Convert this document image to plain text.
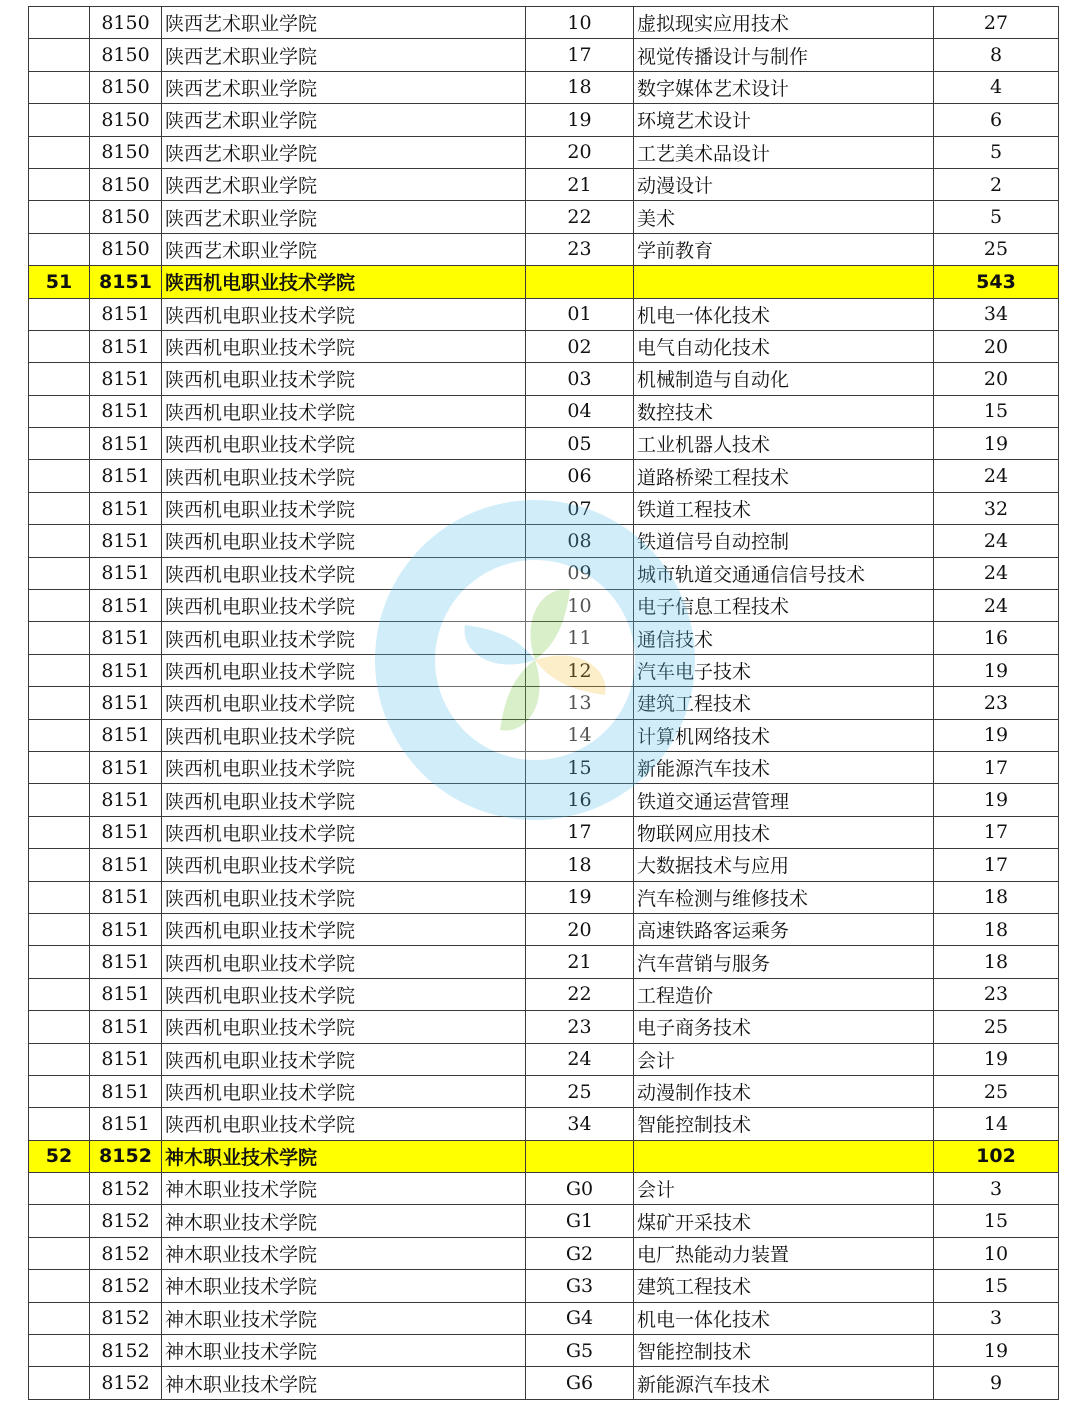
	8150	陕西艺术职业学院	10	虚拟现实应用技术	27
	8150	陕西艺术职业学院	17	视觉传播设计与制作	8
	8150	陕西艺术职业学院	18	数字媒体艺术设计	4
	8150	陕西艺术职业学院	19	环境艺术设计	6
	8150	陕西艺术职业学院	20	工艺美术品设计	5
	8150	陕西艺术职业学院	21	动漫设计	2
	8150	陕西艺术职业学院	22	美术	5
	8150	陕西艺术职业学院	23	学前教育	25
51	8151	陕西机电职业技术学院			543
	8151	陕西机电职业技术学院	01	机电一体化技术	34
	8151	陕西机电职业技术学院	02	电气自动化技术	20
	8151	陕西机电职业技术学院	03	机械制造与自动化	20
	8151	陕西机电职业技术学院	04	数控技术	15
	8151	陕西机电职业技术学院	05	工业机器人技术	19
	8151	陕西机电职业技术学院	06	道路桥梁工程技术	24
	8151	陕西机电职业技术学院	07	铁道工程技术	32
	8151	陕西机电职业技术学院	08	铁道信号自动控制	24
	8151	陕西机电职业技术学院	09	城市轨道交通通信信号技术	24
	8151	陕西机电职业技术学院	10	电子信息工程技术	24
	8151	陕西机电职业技术学院	11	通信技术	16
	8151	陕西机电职业技术学院	12	汽车电子技术	19
	8151	陕西机电职业技术学院	13	建筑工程技术	23
	8151	陕西机电职业技术学院	14	计算机网络技术	19
	8151	陕西机电职业技术学院	15	新能源汽车技术	17
	8151	陕西机电职业技术学院	16	铁道交通运营管理	19
	8151	陕西机电职业技术学院	17	物联网应用技术	17
	8151	陕西机电职业技术学院	18	大数据技术与应用	17
	8151	陕西机电职业技术学院	19	汽车检测与维修技术	18
	8151	陕西机电职业技术学院	20	高速铁路客运乘务	18
	8151	陕西机电职业技术学院	21	汽车营销与服务	18
	8151	陕西机电职业技术学院	22	工程造价	23
	8151	陕西机电职业技术学院	23	电子商务技术	25
	8151	陕西机电职业技术学院	24	会计	19
	8151	陕西机电职业技术学院	25	动漫制作技术	25
	8151	陕西机电职业技术学院	34	智能控制技术	14
52	8152	神木职业技术学院			102
	8152	神木职业技术学院	G0	会计	3
	8152	神木职业技术学院	G1	煤矿开采技术	15
	8152	神木职业技术学院	G2	电厂热能动力装置	10
	8152	神木职业技术学院	G3	建筑工程技术	15
	8152	神木职业技术学院	G4	机电一体化技术	3
	8152	神木职业技术学院	G5	智能控制技术	19
	8152	神木职业技术学院	G6	新能源汽车技术	9
